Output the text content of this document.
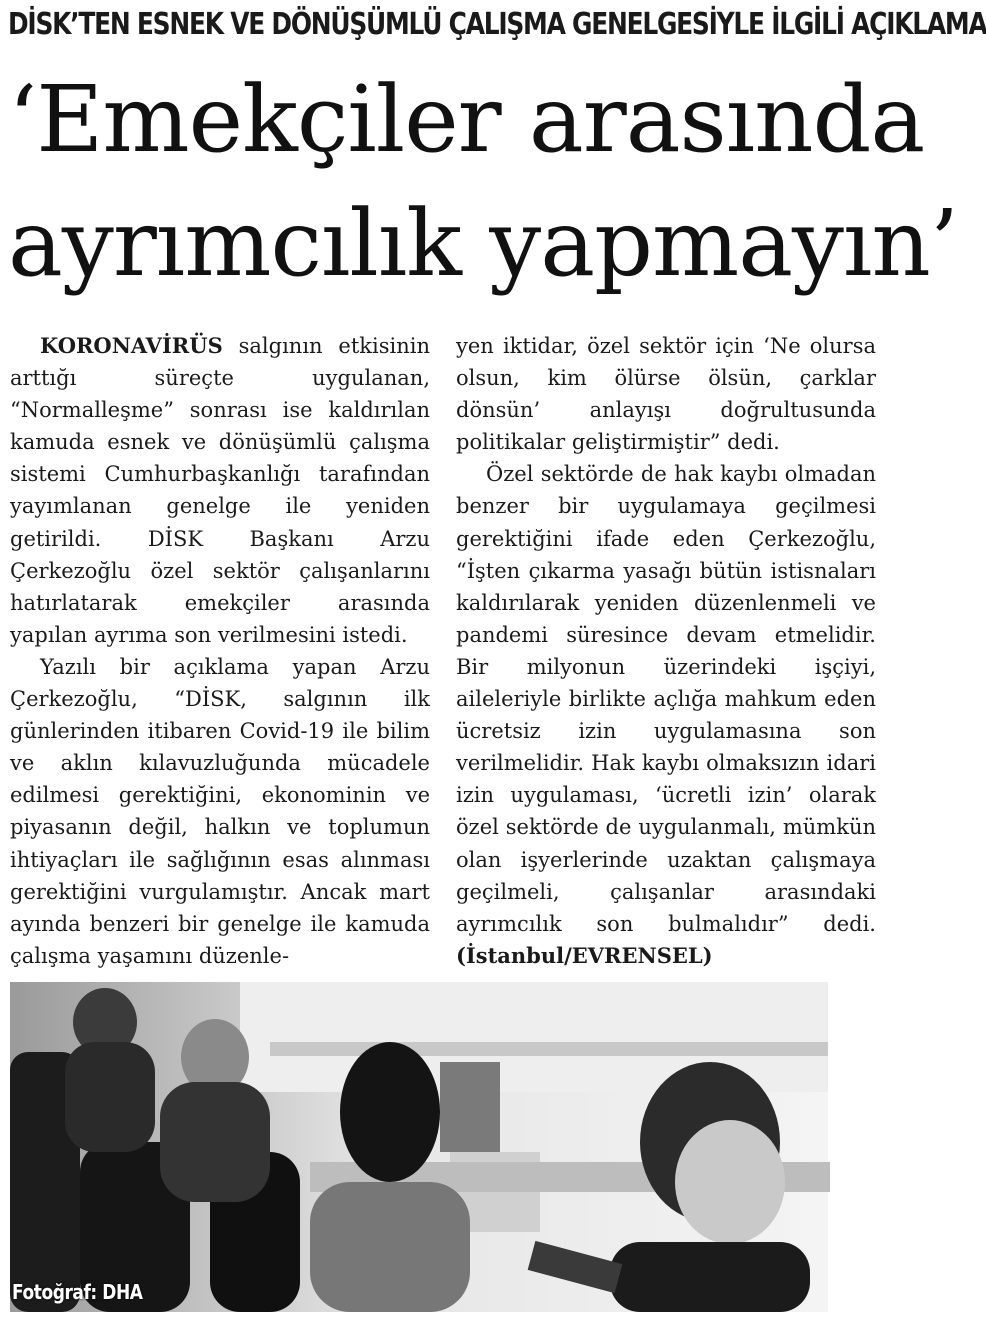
DİSK’TEN ESNEK VE DÖNÜŞÜMLÜ ÇALIŞMA GENELGESİYLE İLGİLİ AÇIKLAMA
‘Emekçiler arasında
ayrımcılık yapmayın’

KORONAVİRÜS salgının etkisinin arttığı süreçte uygulanan, “Normalleşme” sonrası ise kaldırılan kamuda esnek ve dönüşümlü çalışma sistemi Cumhurbaşkanlığı tarafından yayımlanan genelge ile yeniden getirildi. DİSK Başkanı Arzu Çerkezoğlu özel sektör çalışanlarını hatırlatarak emekçiler arasında yapılan ayrıma son verilmesini istedi.

Yazılı bir açıklama yapan Arzu Çerkezoğlu, “DİSK, salgının ilk günlerinden itibaren Covid-19 ile bilim ve aklın kılavuzluğunda mücadele edilmesi gerektiğini, ekonominin ve piyasanın değil, halkın ve toplumun ihtiyaçları ile sağlığının esas alınması gerektiğini vurgulamıştır. Ancak mart ayında benzeri bir genelge ile kamuda çalışma yaşamını düzenle-

yen iktidar, özel sektör için ‘Ne olursa olsun, kim ölürse ölsün, çarklar dönsün’ anlayışı doğrultusunda politikalar geliştirmiştir” dedi.

Özel sektörde de hak kaybı olmadan benzer bir uygulamaya geçilmesi gerektiğini ifade eden Çerkezoğlu, “İşten çıkarma yasağı bütün istisnaları kaldırılarak yeniden düzenlenmeli ve pandemi süresince devam etmelidir. Bir milyonun üzerindeki işçiyi, aileleriyle birlikte açlığa mahkum eden ücretsiz izin uygulamasına son verilmelidir. Hak kaybı olmaksızın idari izin uygulaması, ‘ücretli izin’ olarak özel sektörde de uygulanmalı, mümkün olan işyerlerinde uzaktan çalışmaya geçilmeli, çalışanlar arasındaki ayrımcılık son bulmalıdır” dedi. (İstanbul/EVRENSEL)

Fotoğraf: DHA
